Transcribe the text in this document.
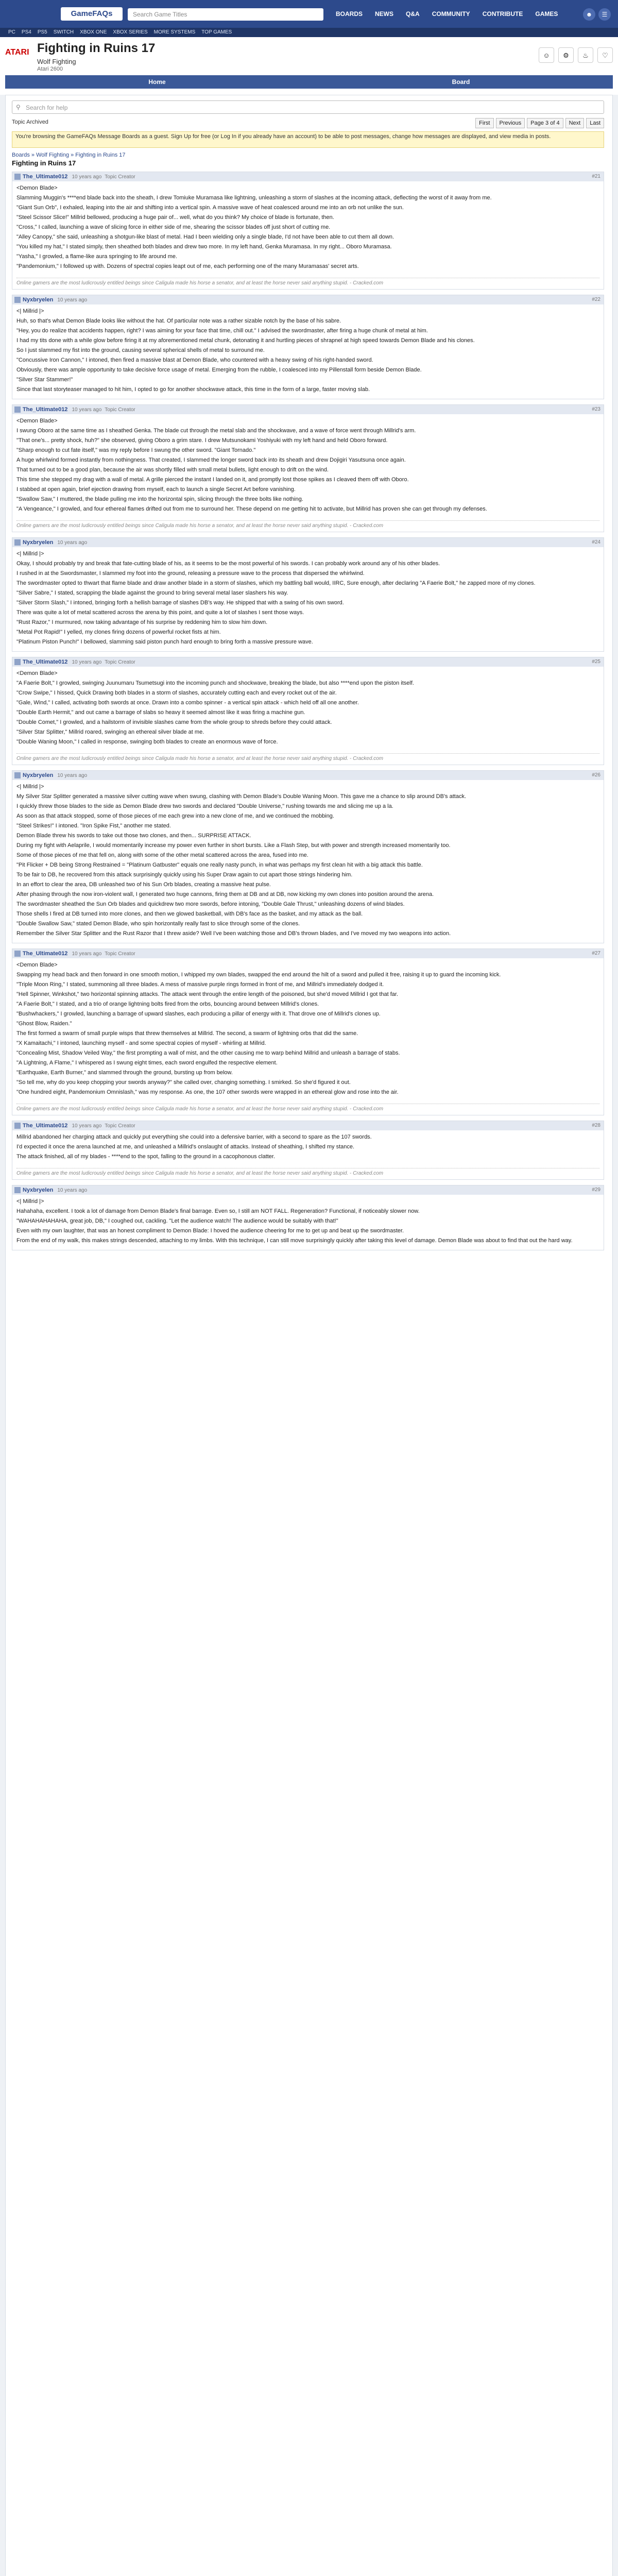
GameFAQs	Search Game Titles	BOARDS	NEWS	Q&A	COMMUNITY	CONTRIBUTE	GAMES	☻	☰
PC	PS4	PS5	SWITCH	XBOX ONE	XBOX SERIES	MORE SYSTEMS	TOP GAMES
ATARI Fighting in Ruins 17
Wolf Fighting
Atari 2600
☺	⚙	♨	♡
Home	Board
Search for help
⚲
Topic Archived	First	Previous	Page 3 of 4	Next	Last
You're browsing the GameFAQs Message Boards as a guest. Sign Up for free (or Log In if you already have an account) to be able to post messages, change how messages are displayed, and view media in posts.
Boards » Wolf Fighting » Fighting in Ruins 17
Fighting in Ruins 17
The_Ultimate012 10 years ago Topic Creator	#21

<Demon Blade>

Slamming Muggin's ****end blade back into the sheath, I drew Tomiuke Muramasa like lightning, unleashing a storm of slashes at the incoming attack, deflecting the worst of it away from me.

"Giant Sun Orb", I exhaled, leaping into the air and shifting into a vertical spin. A massive wave of heat coalesced around me into an orb not unlike the sun.

"Steel Scissor Slice!" Millrid bellowed, producing a huge pair of... well, what do you think? My choice of blade is fortunate, then.

"Cross," I called, launching a wave of slicing force in either side of me, shearing the scissor blades off just short of cutting me.

"Alley Canopy," she said, unleashing a shotgun-like blast of metal. Had I been wielding only a single blade, I'd not have been able to cut them all down.

"You killed my hat," I stated simply, then sheathed both blades and drew two more. In my left hand, Genka Muramasa. In my right... Oboro Muramasa.

"Yasha," I growled, a flame-like aura springing to life around me.

"Pandemonium," I followed up with. Dozens of spectral copies leapt out of me, each performing one of the many Muramasas' secret arts.

Online gamers are the most ludicrously entitled beings since Caligula made his horse a senator, and at least the horse never said anything stupid. - Cracked.com
Nyxbryelen 10 years ago	#22

<| Millrid |>

Huh, so that's what Demon Blade looks like without the hat. Of particular note was a rather sizable notch by the base of his sabre.

"Hey, you do realize that accidents happen, right? I was aiming for your face that time, chill out." I advised the swordmaster, after firing a huge chunk of metal at him.

I had my tits done with a while glow before firing it at my aforementioned metal chunk, detonating it and hurtling pieces of shrapnel at high speed towards Demon Blade and his clones.

So I just slammed my fist into the ground, causing several spherical shells of metal to surround me.

"Concussive Iron Cannon," I intoned, then fired a massive blast at Demon Blade, who countered with a heavy swing of his right-handed sword.

Obviously, there was ample opportunity to take decisive force usage of metal. Emerging from the rubble, I coalesced into my Pillenstall form beside Demon Blade.

"Silver Star Stammer!"

Since that last storyteaser managed to hit him, I opted to go for another shockwave attack, this time in the form of a large, faster moving slab.

The_Ultimate012 10 years ago Topic Creator	#23

<Demon Blade>

I swung Oboro at the same time as I sheathed Genka. The blade cut through the metal slab and the shockwave, and a wave of force went through Millrid's arm.

"That one's... pretty shock, huh?" she observed, giving Oboro a grim stare. I drew Mutsunokami Yoshiyuki with my left hand and held Oboro forward.

"Sharp enough to cut fate itself," was my reply before I swung the other sword. "Giant Tornado."

A huge whirlwind formed instantly from nothingness. That created, I slammed the longer sword back into its sheath and drew Dojigiri Yasutsuna once again.

That turned out to be a good plan, because the air was shortly filled with small metal bullets, light enough to drift on the wind.

This time she stepped my drag with a wall of metal. A grille pierced the instant I landed on it, and promptly lost those spikes as I cleaved them off with Oboro.

I stabbed at open again, brief ejection drawing from myself, each to launch a single Secret Art before vanishing.

"Swallow Saw," I muttered, the blade pulling me into the horizontal spin, slicing through the three bolts like nothing.

"A Vengeance," I growled, and four ethereal flames drifted out from me to surround her. These depend on me getting hit to activate, but Millrid has proven she can get through my defenses.

Online gamers are the most ludicrously entitled beings since Caligula made his horse a senator, and at least the horse never said anything stupid. - Cracked.com
Nyxbryelen 10 years ago	#24

<| Millrid |>

Okay, I should probably try and break that fate-cutting blade of his, as it seems to be the most powerful of his swords. I can probably work around any of his other blades.

I rushed in at the Swordsmaster, I slammed my foot into the ground, releasing a pressure wave to the process that dispersed the whirlwind.

The swordmaster opted to thwart that flame blade and draw another blade in a storm of slashes, which my battling ball would, IIRC, Sure enough, after declaring "A Faerie Bolt," he zapped more of my clones.

"Silver Sabre," I stated, scrapping the blade against the ground to bring several metal laser slashers his way.

"Silver Storm Slash," I intoned, bringing forth a hellish barrage of slashes DB's way. He shipped that with a swing of his own sword.

There was quite a lot of metal scattered across the arena by this point, and quite a lot of slashes I sent those ways.

"Rust Razor," I murmured, now taking advantage of his surprise by reddening him to slow him down.

"Metal Pot Rapid!" I yelled, my clones firing dozens of powerful rocket fists at him.

"Platinum Piston Punch!" I bellowed, slamming said piston punch hard enough to bring forth a massive pressure wave.

The_Ultimate012 10 years ago Topic Creator	#25

<Demon Blade>

"A Faerie Bolt," I growled, swinging Juunumaru Tsumetsugi into the incoming punch and shockwave, breaking the blade, but also ****end upon the piston itself.

"Crow Swipe," I hissed, Quick Drawing both blades in a storm of slashes, accurately cutting each and every rocket out of the air.

"Gale, Wind," I called, activating both swords at once. Drawn into a combo spinner - a vertical spin attack - which held off all one another.

"Double Earth Hermit," and out came a barrage of slabs so heavy it seemed almost like it was firing a machine gun.

"Double Comet," I growled, and a hailstorm of invisible slashes came from the whole group to shreds before they could attack.

"Silver Star Splitter," Millrid roared, swinging an ethereal silver blade at me.

"Double Waning Moon," I called in response, swinging both blades to create an enormous wave of force.

Online gamers are the most ludicrously entitled beings since Caligula made his horse a senator, and at least the horse never said anything stupid. - Cracked.com
Nyxbryelen 10 years ago	#26

<| Millrid |>

My Silver Star Splitter generated a massive silver cutting wave when swung, clashing with Demon Blade's Double Waning Moon. This gave me a chance to slip around DB's attack.

I quickly threw those blades to the side as Demon Blade drew two swords and declared "Double Universe," rushing towards me and slicing me up a la.

As soon as that attack stopped, some of those pieces of me each grew into a new clone of me, and we continued the mobbing.

"Steel Strikes!" I intoned. "Iron Spike Fist," another me stated.

Demon Blade threw his swords to take out those two clones, and then... SURPRISE ATTACK.

During my fight with Aelaprile, I would momentarily increase my power even further in short bursts. Like a Flash Step, but with power and strength increased momentarily too.

Some of those pieces of me that fell on, along with some of the other metal scattered across the area, fused into me.

"Pit Flicker + DB being Strong Restrained = "Platinum Gatbuster" equals one really nasty punch, in what was perhaps my first clean hit with a big attack this battle.

To be fair to DB, he recovered from this attack surprisingly quickly using his Super Draw again to cut apart those strings hindering him.

In an effort to clear the area, DB unleashed two of his Sun Orb blades, creating a massive heat pulse.

After phasing through the now iron-violent wall, I generated two huge cannons, firing them at DB and at DB, now kicking my own clones into position around the arena.

The swordmaster sheathed the Sun Orb blades and quickdrew two more swords, before intoning, "Double Gale Thrust," unleashing dozens of wind blades.

Those shells I fired at DB turned into more clones, and then we glowed basketball, with DB's face as the basket, and my attack as the ball.

"Double Swallow Saw," stated Demon Blade, who spin horizontally really fast to slice through some of the clones.

Remember the Silver Star Splitter and the Rust Razor that I threw aside? Well I've been watching those and DB's thrown blades, and I've moved my two weapons into action.

The_Ultimate012 10 years ago Topic Creator	#27

<Demon Blade>

Swapping my head back and then forward in one smooth motion, I whipped my own blades, swapped the end around the hilt of a sword and pulled it free, raising it up to guard the incoming kick.

"Triple Moon Ring," I stated, summoning all three blades. A mess of massive purple rings formed in front of me, and Millrid's immediately dodged it.

"Hell Spinner, Winkshot," two horizontal spinning attacks. The attack went through the entire length of the poisoned, but she'd moved Millrid I got that far.

"A Faerie Bolt," I stated, and a trio of orange lightning bolts fired from the orbs, bouncing around between Millrid's clones.

"Bushwhackers," I growled, launching a barrage of upward slashes, each producing a pillar of energy with it. That drove one of Millrid's clones up.

"Ghost Blow, Raiden."

The first formed a swarm of small purple wisps that threw themselves at Millrid. The second, a swarm of lightning orbs that did the same.

"X Kamaitachi," I intoned, launching myself - and some spectral copies of myself - whirling at Millrid.

"Concealing Mist, Shadow Veiled Way," the first prompting a wall of mist, and the other causing me to warp behind Millrid and unleash a barrage of stabs.

"A Lightning, A Flame," I whispered as I swung eight times, each sword engulfed the respective element.

"Earthquake, Earth Burner," and slammed through the ground, bursting up from below.

"So tell me, why do you keep chopping your swords anyway?" she called over, changing something. I smirked. So she'd figured it out.

"One hundred eight, Pandemonium Omnislash," was my response. As one, the 107 other swords were wrapped in an ethereal glow and rose into the air.

Online gamers are the most ludicrously entitled beings since Caligula made his horse a senator, and at least the horse never said anything stupid. - Cracked.com
The_Ultimate012 10 years ago Topic Creator	#28

Millrid abandoned her charging attack and quickly put everything she could into a defensive barrier, with a second to spare as the 107 swords.

I'd expected it once the arena launched at me, and unleashed a Millrid's onslaught of attacks. Instead of sheathing, I shifted my stance.

The attack finished, all of my blades - ****end to the spot, falling to the ground in a cacophonous clatter.

Online gamers are the most ludicrously entitled beings since Caligula made his horse a senator, and at least the horse never said anything stupid. - Cracked.com
Nyxbryelen 10 years ago	#29

<| Millrid |>

Hahahaha, excellent. I took a lot of damage from Demon Blade's final barrage. Even so, I still am NOT FALL. Regeneration? Functional, if noticeably slower now.

"WAHAHAHAHAHA, great job, DB," I coughed out, cackling. "Let the audience watch! The audience would be suitably with that!"

Even with my own laughter, that was an honest compliment to Demon Blade: I hoved the audience cheering for me to get up and beat up the swordmaster.

From the end of my walk, this makes strings descended, attaching to my limbs. With this technique, I can still move surprisingly quickly after taking this level of damage. Demon Blade was about to find that out the hard way.
